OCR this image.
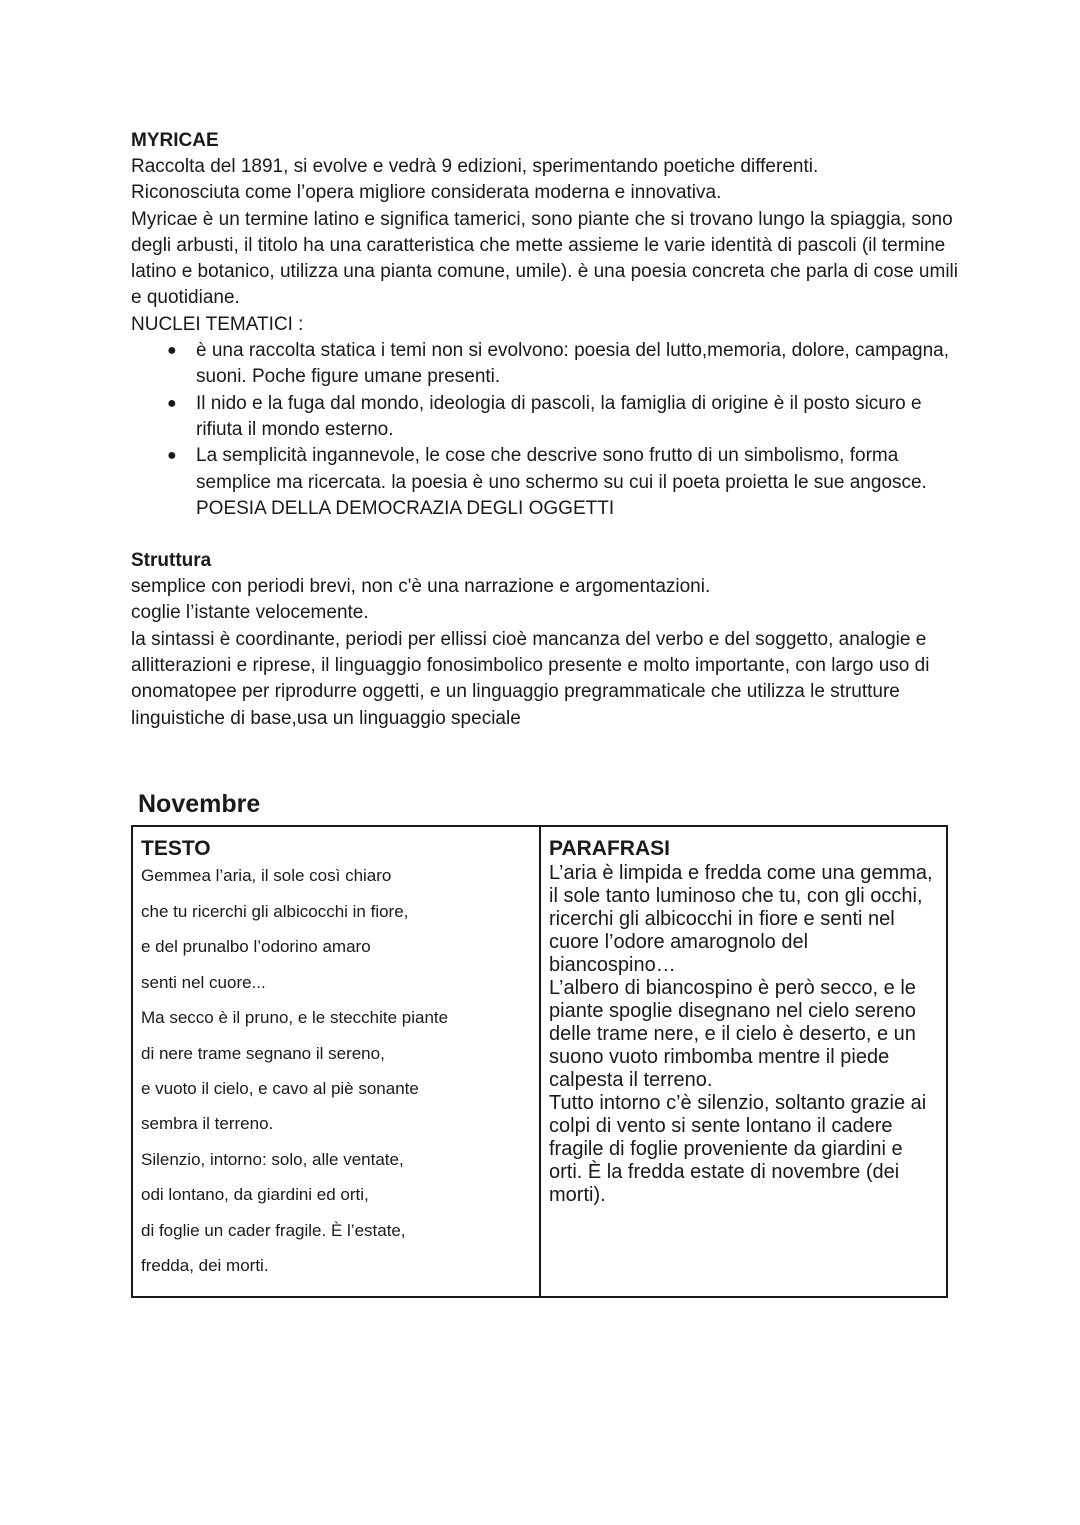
MYRICAE

Raccolta del 1891, si evolve e vedrà 9 edizioni, sperimentando poetiche differenti.

Riconosciuta come l’opera migliore considerata moderna e innovativa.

Myricae è un termine latino e significa tamerici, sono piante che si trovano lungo la spiaggia, sono degli arbusti, il titolo ha una caratteristica che mette assieme le varie identità di pascoli (il termine latino e botanico, utilizza una pianta comune, umile). è una poesia concreta che parla di cose umili e quotidiane.

NUCLEI TEMATICI :

● è una raccolta statica i temi non si evolvono: poesia del lutto,memoria, dolore, campagna, suoni. Poche figure umane presenti.
● Il nido e la fuga dal mondo, ideologia di pascoli, la famiglia di origine è il posto sicuro e rifiuta il mondo esterno.
● La semplicità ingannevole, le cose che descrive sono frutto di un simbolismo, forma semplice ma ricercata. la poesia è uno schermo su cui il poeta proietta le sue angosce.

POESIA DELLA DEMOCRAZIA DEGLI OGGETTI

Struttura

semplice con periodi brevi, non c'è una narrazione e argomentazioni.

coglie l’istante velocemente.

la sintassi è coordinante, periodi per ellissi cioè mancanza del verbo e del soggetto, analogie e allitterazioni e riprese, il linguaggio fonosimbolico presente e molto importante, con largo uso di onomatopee per riprodurre oggetti, e un linguaggio pregrammaticale che utilizza le strutture linguistiche di base,usa un linguaggio speciale

Novembre

TESTO

Gemmea l’aria, il sole così chiaro

che tu ricerchi gli albicocchi in fiore,

e del prunalbo l’odorino amaro

senti nel cuore...

Ma secco è il pruno, e le stecchite piante

di nere trame segnano il sereno,

e vuoto il cielo, e cavo al piè sonante

sembra il terreno.

Silenzio, intorno: solo, alle ventate,

odi lontano, da giardini ed orti,

di foglie un cader fragile. È l’estate,

fredda, dei morti.

PARAFRASI

L’aria è limpida e fredda come una gemma, il sole tanto luminoso che tu, con gli occhi, ricerchi gli albicocchi in fiore e senti nel cuore l’odore amarognolo del biancospino…

L’albero di biancospino è però secco, e le piante spoglie disegnano nel cielo sereno delle trame nere, e il cielo è deserto, e un suono vuoto rimbomba mentre il piede calpesta il terreno.

Tutto intorno c’è silenzio, soltanto grazie ai colpi di vento si sente lontano il cadere fragile di foglie proveniente da giardini e orti. È la fredda estate di novembre (dei morti).
